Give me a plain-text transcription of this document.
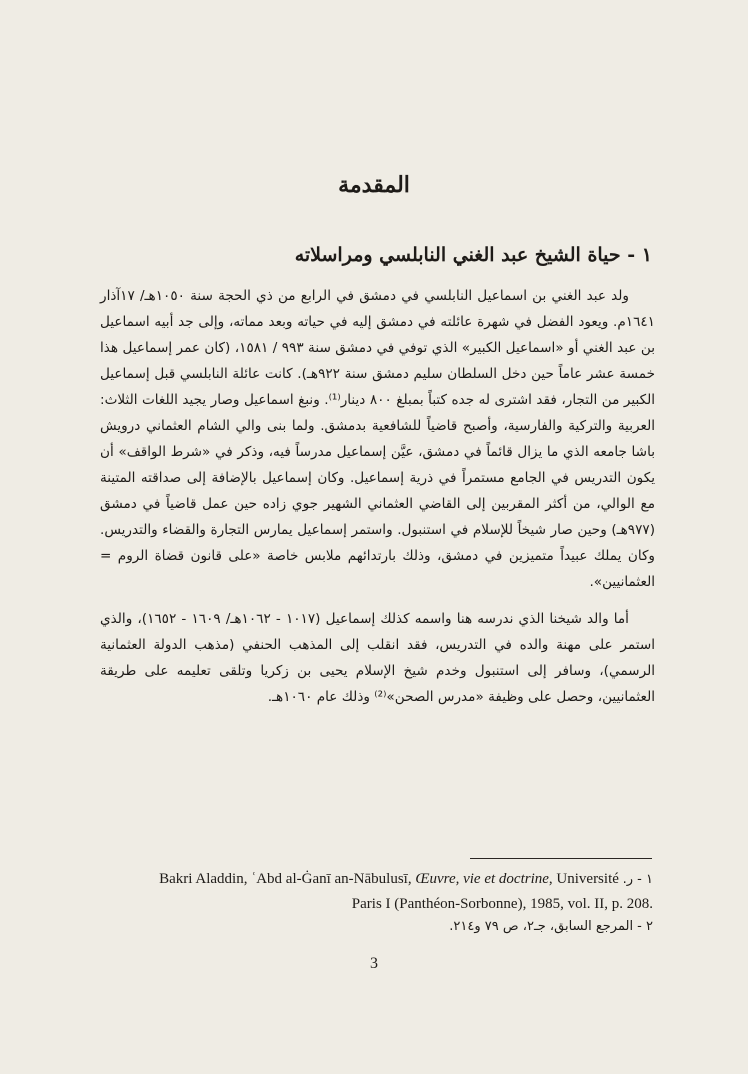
المقدمة
١ - حياة الشيخ عبد الغني النابلسي ومراسلاته

ولد عبد الغني بن اسماعيل النابلسي في دمشق في الرابع من ذي الحجة سنة ١٠٥٠هـ/ ١٧آذار ١٦٤١م. ويعود الفضل في شهرة عائلته في دمشق إليه في حياته وبعد مماته، وإلى جد أبيه اسماعيل بن عبد الغني أو «اسماعيل الكبير» الذي توفي في دمشق سنة ٩٩٣ / ١٥٨١، (كان عمر إسماعيل هذا خمسة عشر عاماً حين دخل السلطان سليم دمشق سنة ٩٢٢هـ). كانت عائلة النابلسي قبل إسماعيل الكبير من التجار، فقد اشترى له جده كتباً بمبلغ ٨٠٠ دينار⁽¹⁾. ونبغ اسماعيل وصار يجيد اللغات الثلاث: العربية والتركية والفارسية، وأصبح قاضياً للشافعية بدمشق. ولما بنى والي الشام العثماني درويش باشا جامعه الذي ما يزال قائماً في دمشق، عيَّن إسماعيل مدرساً فيه، وذكر في «شرط الواقف» أن يكون التدريس في الجامع مستمراً في ذرية إسماعيل. وكان إسماعيل بالإضافة إلى صداقته المتينة مع الوالي، من أكثر المقربين إلى القاضي العثماني الشهير جوي زاده حين عمل قاضياً في دمشق (٩٧٧هـ) وحين صار شيخاً للإسلام في استنبول. واستمر إسماعيل يمارس التجارة والقضاء والتدريس. وكان يملك عبيداً متميزين في دمشق، وذلك بارتدائهم ملابس خاصة «على قانون قضاة الروم = العثمانيين».

أما والد شيخنا الذي ندرسه هنا واسمه كذلك إسماعيل (١٠١٧ - ١٠٦٢هـ/ ١٦٠٩ - ١٦٥٢)، والذي استمر على مهنة والده في التدريس، فقد انقلب إلى المذهب الحنفي (مذهب الدولة العثمانية الرسمي)، وسافر إلى استنبول وخدم شيخ الإسلام يحيى بن زكريا وتلقى تعليمه على طريقة العثمانيين، وحصل على وظيفة «مدرس الصحن»⁽²⁾ وذلك عام ١٠٦٠هـ.

Bakri Aladdin, ʿAbd al-Ġanī an-Nābulusī, Œuvre, vie et doctrine, Université ١ - ر.
Paris I (Panthéon-Sorbonne), 1985, vol. II, p. 208.

٢ - المرجع السابق، جـ٢، ص ٧٩ و٢١٤.

3
